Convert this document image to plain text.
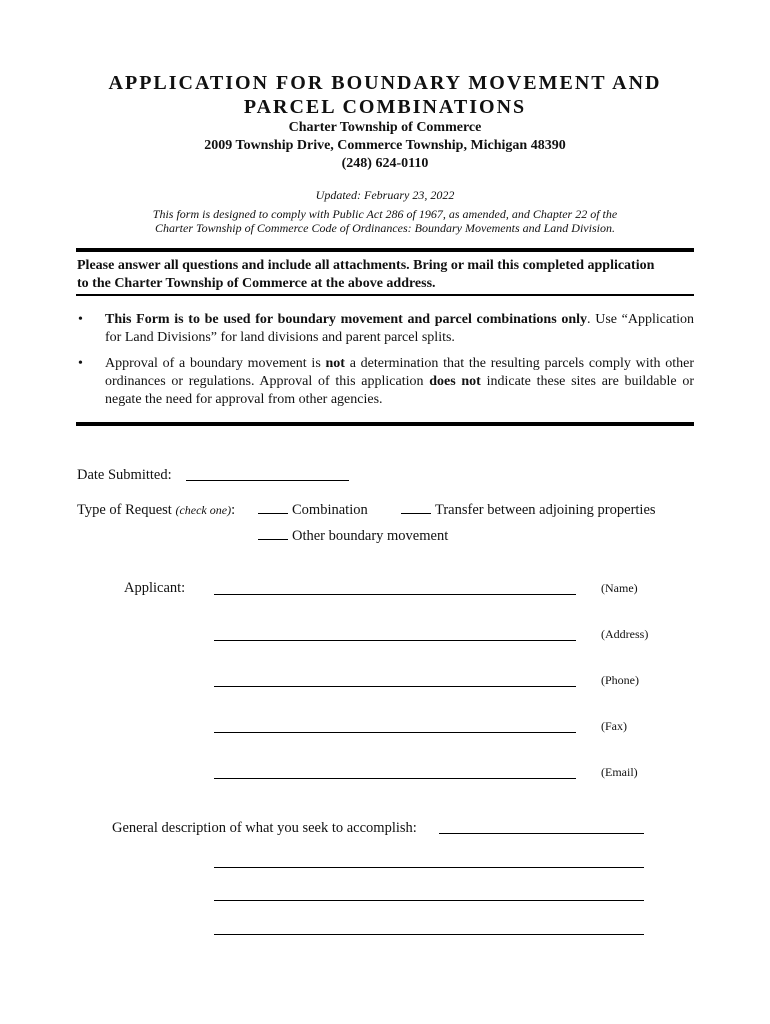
APPLICATION FOR BOUNDARY MOVEMENT AND
PARCEL COMBINATIONS
Charter Township of Commerce
2009 Township Drive, Commerce Township, Michigan 48390
(248) 624-0110
Updated: February 23, 2022
This form is designed to comply with Public Act 286 of 1967, as amended, and Chapter 22 of the
Charter Township of Commerce Code of Ordinances: Boundary Movements and Land Division.
Please answer all questions and include all attachments. Bring or mail this completed application
to the Charter Township of Commerce at the above address.
•	This Form is to be used for boundary movement and parcel combinations only. Use “Application for Land Divisions” for land divisions and parent parcel splits.
•	Approval of a boundary movement is not a determination that the resulting parcels comply with other ordinances or regulations. Approval of this application does not indicate these sites are buildable or negate the need for approval from other agencies.
Date Submitted:
Type of Request (check one):	Combination	Transfer between adjoining properties
Other boundary movement
Applicant:	(Name)
(Address)
(Phone)
(Fax)
(Email)
General description of what you seek to accomplish:
